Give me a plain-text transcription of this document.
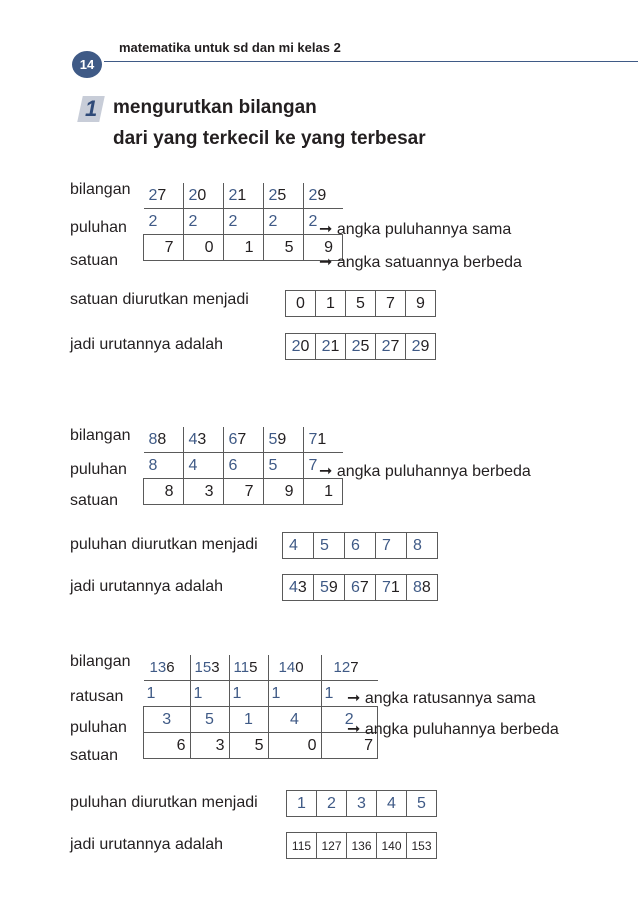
14
matematika untuk sd dan mi kelas 2
1 mengurutkan bilangan
dari yang terkecil ke yang terbesar
bilangan
puluhan
satuan
27	20	21	25	29
2	2	2	2	2
7	0	1	5	9
➞ angka puluhannya sama
➞ angka satuannya berbeda
satuan diurutkan menjadi	0	1	5	7	9
jadi urutannya adalah	20	21	25	27	29
bilangan
puluhan
satuan
88	43	67	59	71
8	4	6	5	7
8	3	7	9	1
➞ angka puluhannya berbeda
puluhan diurutkan menjadi 4	5	6	7	8
jadi urutannya adalah	43	59	67	71	88
bilangan
ratusan
puluhan
satuan
136	153	115	140	127
1	1	1	1	1
3	5	1	4	2
6	3	5	0	7
➞ angka ratusannya sama
➞ angka puluhannya berbeda
puluhan diurutkan menjadi 1	2	3	4	5
jadi urutannya adalah	115	127	136	140	153
